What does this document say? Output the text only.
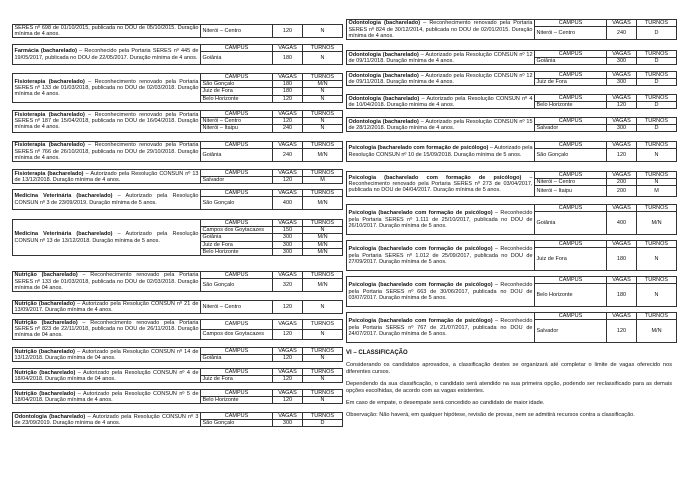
SERES nº 698 de 01/10/2015, publicada no DOU de 05/10/2015. Duração mínima de 4 anos.	Niterói – Centro	120	N
Farmácia (bacharelado) – Reconhecido pela Portaria SERES nº 445 de 19/05/2017, publicada no DOU de 22/05/2017. Duração mínima de 4 anos.	CAMPUS	VAGAS	TURNOS
	Goiânia	180	N
Fisioterapia (bacharelado) – Reconhecimento renovado pela Portaria SERES nº 133 de 01/03/2018, publicada no DOU de 02/03/2018. Duração mínima de 4 anos.	CAMPUS	VAGAS	TURNOS
	São Gonçalo	180	M/N
	Juiz de Fora	180	N
	Belo Horizonte	120	N
Fisioterapia (bacharelado) – Reconhecimento renovado pela Portaria SERES nº 187 de 15/04/2018, publicada no DOU de 16/04/2018. Duração mínima de 4 anos.	CAMPUS	VAGAS	TURNOS
	Niterói – Centro	120	N
	Niterói – Itaipu	240	N
Fisioterapia (bacharelado) – Reconhecimento renovado pela Portaria SERES nº 766 de 26/10/2018, publicada no DOU de 29/10/2018. Duração mínima de 4 anos.	CAMPUS	VAGAS	TURNOS
	Goiânia	240	M/N
Fisioterapia (bacharelado) – Autorizado pela Resolução CONSUN nº 13 de 13/12/2018. Duração mínima de 4 anos.	CAMPUS	VAGAS	TURNOS
	Salvador	120	M
Medicina Veterinária (bacharelado) – Autorizado pela Resolução CONSUN nº 3 de 23/09/2019. Duração mínima de 5 anos.	CAMPUS	VAGAS	TURNOS
	São Gonçalo	400	M/N
Medicina Veterinária (bacharelado) – Autorizado pela Resolução CONSUN nº 13 de 13/12/2018. Duração mínima de 5 anos.	CAMPUS	VAGAS	TURNOS
	Campos dos Goytacazes	150	N
	Goiânia	300	M/N
	Juiz de Fora	300	M/N
	Belo Horizonte	300	M/N
Nutrição (bacharelado) – Reconhecimento renovado pela Portaria SERES nº 133 de 01/03/2018, publicada no DOU de 02/03/2018. Duração mínima de 04 anos.	CAMPUS	VAGAS	TURNOS
	São Gonçalo	320	M/N
Nutrição (bacharelado) – Autorizado pela Resolução CONSUN nº 21 de 13/09/2017. Duração mínima de 4 anos.	Niterói – Centro	120	N
Nutrição (bacharelado) – Reconhecimento renovado pela Portaria SERES nº 823 de 22/11/2018, publicada no DOU de 26/11/2018. Duração mínima de 04 anos.	CAMPUS	VAGAS	TURNOS
	Campos dos Goytacazes	120	N
Nutrição (bacharelado) – Autorizado pela Resolução CONSUN nº 14 de 13/12/2018. Duração mínima de 04 anos.	CAMPUS	VAGAS	TURNOS
	Goiânia	120	N
Nutrição (bacharelado) – Autorizado pela Resolução CONSUN nº 4 de 18/04/2018. Duração mínima de 04 anos.	CAMPUS	VAGAS	TURNOS
	Juiz de Fora	120	N
Nutrição (bacharelado) – Autorizado pela Resolução CONSUN nº 5 de 18/04/2018. Duração mínima de 4 anos.	CAMPUS	VAGAS	TURNOS
	Belo Horizonte	120	N
Odontologia (bacharelado) – Autorizado pela Resolução CONSUN nº 3 de 23/09/2019. Duração mínima de 4 anos.	CAMPUS	VAGAS	TURNOS
	São Gonçalo	300	D
Odontologia (bacharelado) – Reconhecimento renovado pela Portaria SERES nº 824 de 30/12/2014, publicada no DOU de 02/01/2015. Duração mínima de 4 anos.	CAMPUS	VAGAS	TURNOS
	Niterói – Centro	240	D
Odontologia (bacharelado) – Autorizado pela Resolução CONSUN nº 12 de 09/11/2018. Duração mínima de 4 anos.	CAMPUS	VAGAS	TURNOS
	Goiânia	300	D
Odontologia (bacharelado) – Autorizado pela Resolução CONSUN nº 12 de 09/11/2018. Duração mínima de 4 anos.	CAMPUS	VAGAS	TURNOS
	Juiz de Fora	300	D
Odontologia (bacharelado) – Autorizado pela Resolução CONSUN nº 4 de 10/04/2018. Duração mínima de 4 anos.	CAMPUS	VAGAS	TURNOS
	Belo Horizonte	120	D
Odontologia (bacharelado) – Autorizado pela Resolução CONSUN nº 15 de 28/12/2018. Duração mínima de 4 anos.	CAMPUS	VAGAS	TURNOS
	Salvador	300	D
Psicologia (bacharelado com formação de psicólogo) – Autorizado pela Resolução CONSUN nº 10 de 15/09/2018. Duração mínima de 5 anos.	CAMPUS	VAGAS	TURNOS
	São Gonçalo	120	N
Psicologia (bacharelado com formação de psicólogo) – Reconhecimento renovado pela Portaria SERES nº 273 de 03/04/2017, publicada no DOU de 04/04/2017. Duração mínima de 5 anos.	CAMPUS	VAGAS	TURNOS
	Niterói – Centro	200	N
	Niterói – Itaipu	200	M
Psicologia (bacharelado com formação de psicólogo) – Reconhecido pela Portaria SERES nº 1.111 de 25/10/2017, publicada no DOU de 26/10/2017. Duração mínima de 5 anos.	CAMPUS	VAGAS	TURNOS
	Goiânia	400	M/N
Psicologia (bacharelado com formação de psicólogo) – Reconhecido pela Portaria SERES nº 1.012 de 25/09/2017, publicada no DOU de 27/09/2017. Duração mínima de 5 anos.	CAMPUS	VAGAS	TURNOS
	Juiz de Fora	180	N
Psicologia (bacharelado com formação de psicólogo) – Reconhecido pela Portaria SERES nº 663 de 30/06/2017, publicada no DOU de 03/07/2017. Duração mínima de 5 anos.	CAMPUS	VAGAS	TURNOS
	Belo Horizonte	180	N
Psicologia (bacharelado com formação de psicólogo) – Reconhecido pela Portaria SERES nº 767 de 21/07/2017, publicada no DOU de 24/07/2017. Duração mínima de 5 anos.	CAMPUS	VAGAS	TURNOS
	Salvador	120	M/N
VI – CLASSIFICAÇÃO

Considerando os candidatos aprovados, a classificação destes se organizará até completar o limite de vagas oferecido nos diferentes cursos.

Dependendo da sua classificação, o candidato será atendido na sua primeira opção, podendo ser reclassificado para as demais opções escolhidas, de acordo com as vagas existentes.

Em caso de empate, o desempate será concedido ao candidato de maior idade.

Observação: Não haverá, em qualquer hipótese, revisão de provas, nem se admitirá recursos contra a classificação.
